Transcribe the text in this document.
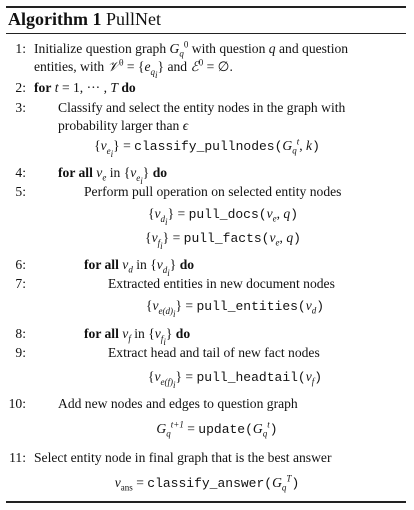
Algorithm 1 PullNet
1: Initialize question graph $G_q^0$ with question q and question
entities, with 𝒱$^0$ = $\{e_{q_i}\}$ and ℰ$^0$ = ∅.
2: for t = 1, ··· , T do
3: Classify and select the entity nodes in the graph with
probability larger than ϵ
$\{v_{e_i}\}$ = $classify\_pullnodes(G_q^t$, k)
4: for all $v_e$ in $\{v_{e_i}\}$ do
5:	Perform pull operation on selected entity nodes
$\{v_{d_i}\}$ = $pull\_docs(v_e$, q)
$\{v_{f_i}\}$ = $pull\_facts(v_e$, q)
6:	for all $v_d$ in $\{v_{d_i}\}$ do
7:	Extracted entities in new document nodes
$\{v_{e(d)_i}\}$ = $pull\_entities(v_d)$
8:	for all $v_f$ in $\{v_{f_i}\}$ do
9:	Extract head and tail of new fact nodes
$\{v_{e(f)_i}\}$ = $pull\_headtail(v_f)$
10: Add new nodes and edges to question graph
$G_q^{t+1}$ = $update(G_q^t)$
11: Select entity node in final graph that is the best answer
$v_{ans}$ = $classify\_answer(G_q^T)$
